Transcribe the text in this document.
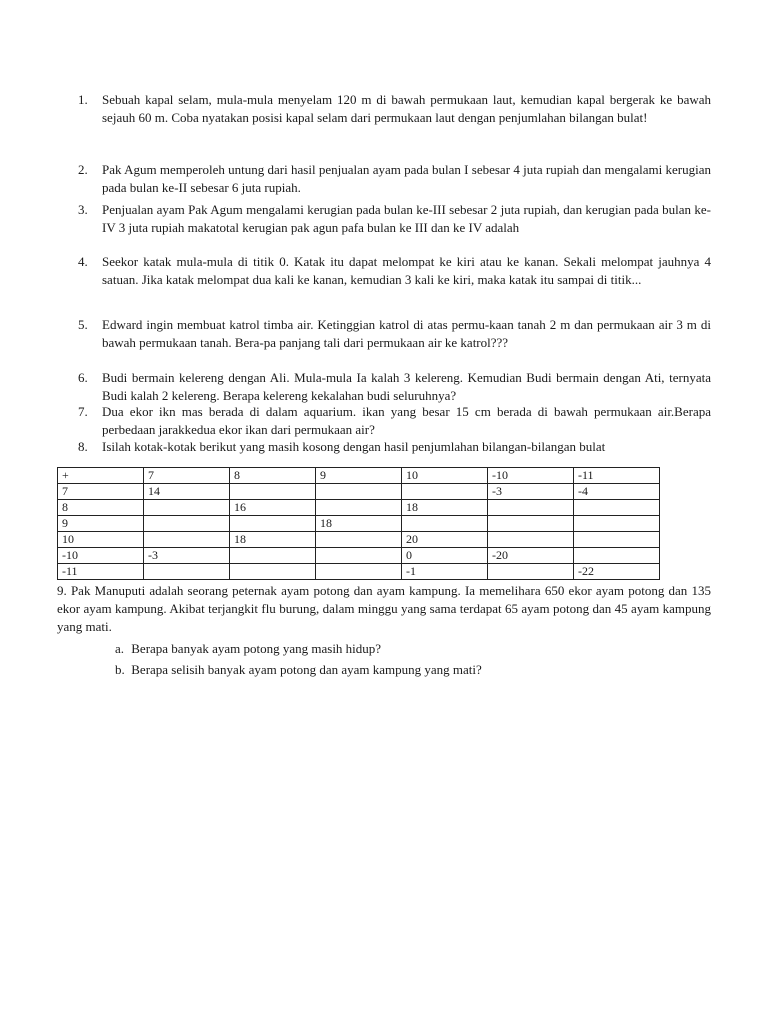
1. Sebuah kapal selam, mula-mula menyelam 120 m di bawah permukaan laut, kemudian kapal bergerak ke bawah sejauh 60 m. Coba nyatakan posisi kapal selam dari permukaan laut dengan penjumlahan bilangan bulat!
2. Pak Agum memperoleh untung dari hasil penjualan ayam pada bulan I sebesar 4 juta rupiah dan mengalami kerugian pada bulan ke-II sebesar 6 juta rupiah.
3. Penjualan ayam Pak Agum mengalami kerugian pada bulan ke-III sebesar 2 juta rupiah, dan kerugian pada bulan ke-IV 3 juta rupiah makatotal kerugian pak agun pafa bulan ke III dan ke IV adalah
4. Seekor katak mula-mula di titik 0. Katak itu dapat melompat ke kiri atau ke kanan. Sekali melompat jauhnya 4 satuan. Jika katak melompat dua kali ke kanan, kemudian 3 kali ke kiri, maka katak itu sampai di titik...
5. Edward ingin membuat katrol timba air. Ketinggian katrol di atas permu-kaan tanah 2 m dan permukaan air 3 m di bawah permukaan tanah. Bera-pa panjang tali dari permukaan air ke katrol???
6. Budi bermain kelereng dengan Ali. Mula-mula Ia kalah 3 kelereng. Kemudian Budi bermain dengan Ati, ternyata Budi kalah 2 kelereng. Berapa kelereng kekalahan budi seluruhnya?
7. Dua ekor ikn mas berada di dalam aquarium. ikan yang besar 15 cm berada di bawah permukaan air.Berapa perbedaan jarakkedua ekor ikan dari permukaan air?
8. Isilah kotak-kotak berikut yang masih kosong dengan hasil penjumlahan bilangan-bilangan bulat
+	7	8	9	10	-10	-11
7	14				-3	-4
8		16		18		
9			18			
10		18		20		
-10	-3			0	-20	
-11				-1		-22
9. Pak Manuputi adalah seorang peternak ayam potong dan ayam kampung. Ia memelihara 650 ekor ayam potong dan 135 ekor ayam kampung. Akibat terjangkit flu burung, dalam minggu yang sama terdapat 65 ayam potong dan 45 ayam kampung yang mati.
a. Berapa banyak ayam potong yang masih hidup?
b. Berapa selisih banyak ayam potong dan ayam kampung yang mati?
